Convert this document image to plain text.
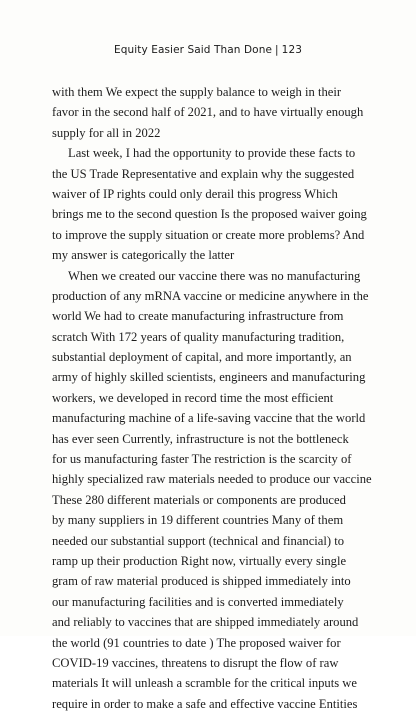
Equity Easier Said Than Done | 123
with them We expect the supply balance to weigh in their
favor in the second half of 2021, and to have virtually enough
supply for all in 2022
Last week, I had the opportunity to provide these facts to
the US Trade Representative and explain why the suggested
waiver of IP rights could only derail this progress Which
brings me to the second question Is the proposed waiver going
to improve the supply situation or create more problems? And
my answer is categorically the latter
When we created our vaccine there was no manufacturing
production of any mRNA vaccine or medicine anywhere in the
world We had to create manufacturing infrastructure from
scratch With 172 years of quality manufacturing tradition,
substantial deployment of capital, and more importantly, an
army of highly skilled scientists, engineers and manufacturing
workers, we developed in record time the most efficient
manufacturing machine of a life-saving vaccine that the world
has ever seen Currently, infrastructure is not the bottleneck
for us manufacturing faster The restriction is the scarcity of
highly specialized raw materials needed to produce our vaccine
These 280 different materials or components are produced
by many suppliers in 19 different countries Many of them
needed our substantial support (technical and financial) to
ramp up their production Right now, virtually every single
gram of raw material produced is shipped immediately into
our manufacturing facilities and is converted immediately
and reliably to vaccines that are shipped immediately around
the world (91 countries to date ) The proposed waiver for
COVID-19 vaccines, threatens to disrupt the flow of raw
materials It will unleash a scramble for the critical inputs we
require in order to make a safe and effective vaccine Entities
